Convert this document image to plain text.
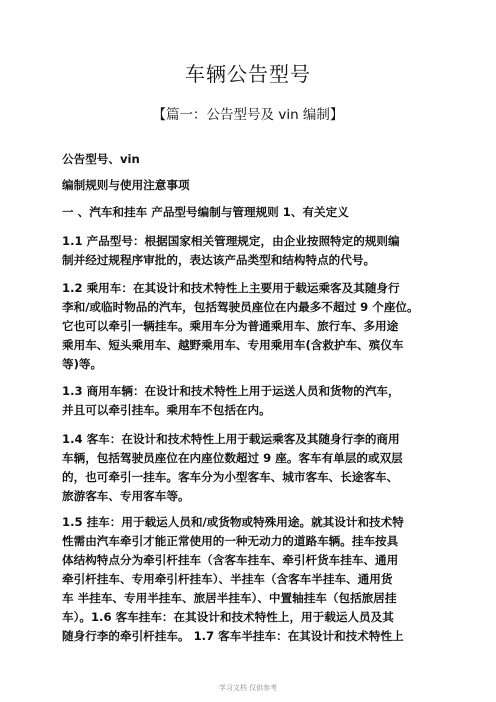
车辆公告型号
【篇一：公告型号及 vin 编制】
公告型号、vin
编制规则与使用注意事项
一 、汽车和挂车 产品型号编制与管理规则 1、有关定义
1.1 产品型号：根据国家相关管理规定，由企业按照特定的规则编
制并经过规程序审批的，表达该产品类型和结构特点的代号。
1.2 乘用车：在其设计和技术特性上主要用于载运乘客及其随身行
李和/或临时物品的汽车，包括驾驶员座位在内最多不超过 9 个座位。
它也可以牵引一辆挂车。乘用车分为普通乘用车、旅行车、多用途
乘用车、短头乘用车、越野乘用车、专用乘用车(含救护车、殡仪车
等)等。
1.3 商用车辆：在设计和技术特性上用于运送人员和货物的汽车，
并且可以牵引挂车。乘用车不包括在内。
1.4 客车：在设计和技术特性上用于载运乘客及其随身行李的商用
车辆，包括驾驶员座位在内座位数超过 9 座。客车有单层的或双层
的，也可牵引一挂车。客车分为小型客车、城市客车、长途客车、
旅游客车、专用客车等。
1.5 挂车：用于载运人员和/或货物或特殊用途。就其设计和技术特
性需由汽车牵引才能正常使用的一种无动力的道路车辆。挂车按具
体结构特点分为牵引杆挂车（含客车挂车、牵引杆货车挂车、通用
牵引杆挂车、专用牵引杆挂车）、半挂车（含客车半挂车、通用货
车 半挂车、专用半挂车、旅居半挂车）、中置轴挂车（包括旅居挂
车）。1.6 客车挂车：在其设计和技术特性上，用于载运人员及其
随身行李的牵引杆挂车。 1.7 客车半挂车：在其设计和技术特性上
学习文档 仅供参考
